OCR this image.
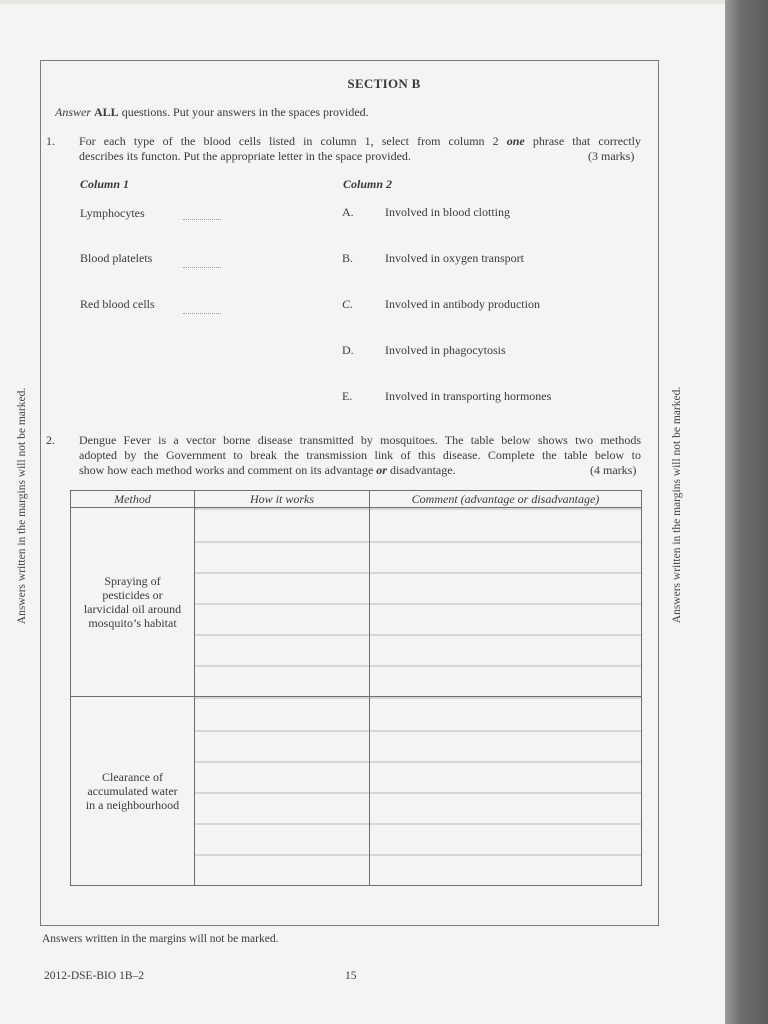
SECTION B
Answer ALL questions. Put your answers in the spaces provided.
1. For each type of the blood cells listed in column 1, select from column 2 one phrase that correctly
describes its functon. Put the appropriate letter in the space provided.	(3 marks)
Column 1	Column 2
Lymphocytes
Blood platelets
Red blood cells
A.	Involved in blood clotting
B.	Involved in oxygen transport
C.	Involved in antibody production
D.	Involved in phagocytosis
E.	Involved in transporting hormones
2. Dengue Fever is a vector borne disease transmitted by mosquitoes. The table below shows two methods
adopted by the Government to break the transmission link of this disease. Complete the table below to
show how each method works and comment on its advantage or disadvantage.	(4 marks)
Method	How it works	Comment (advantage or disadvantage)

Spraying of
pesticides or
larvicidal oil around
mosquito’s habitat		

Clearance of
accumulated water
in a neighbourhood		

Answers written in the margins will not be marked.	Answers written in the margins will not be marked.
Answers written in the margins will not be marked.
2012-DSE-BIO 1B–2	15
